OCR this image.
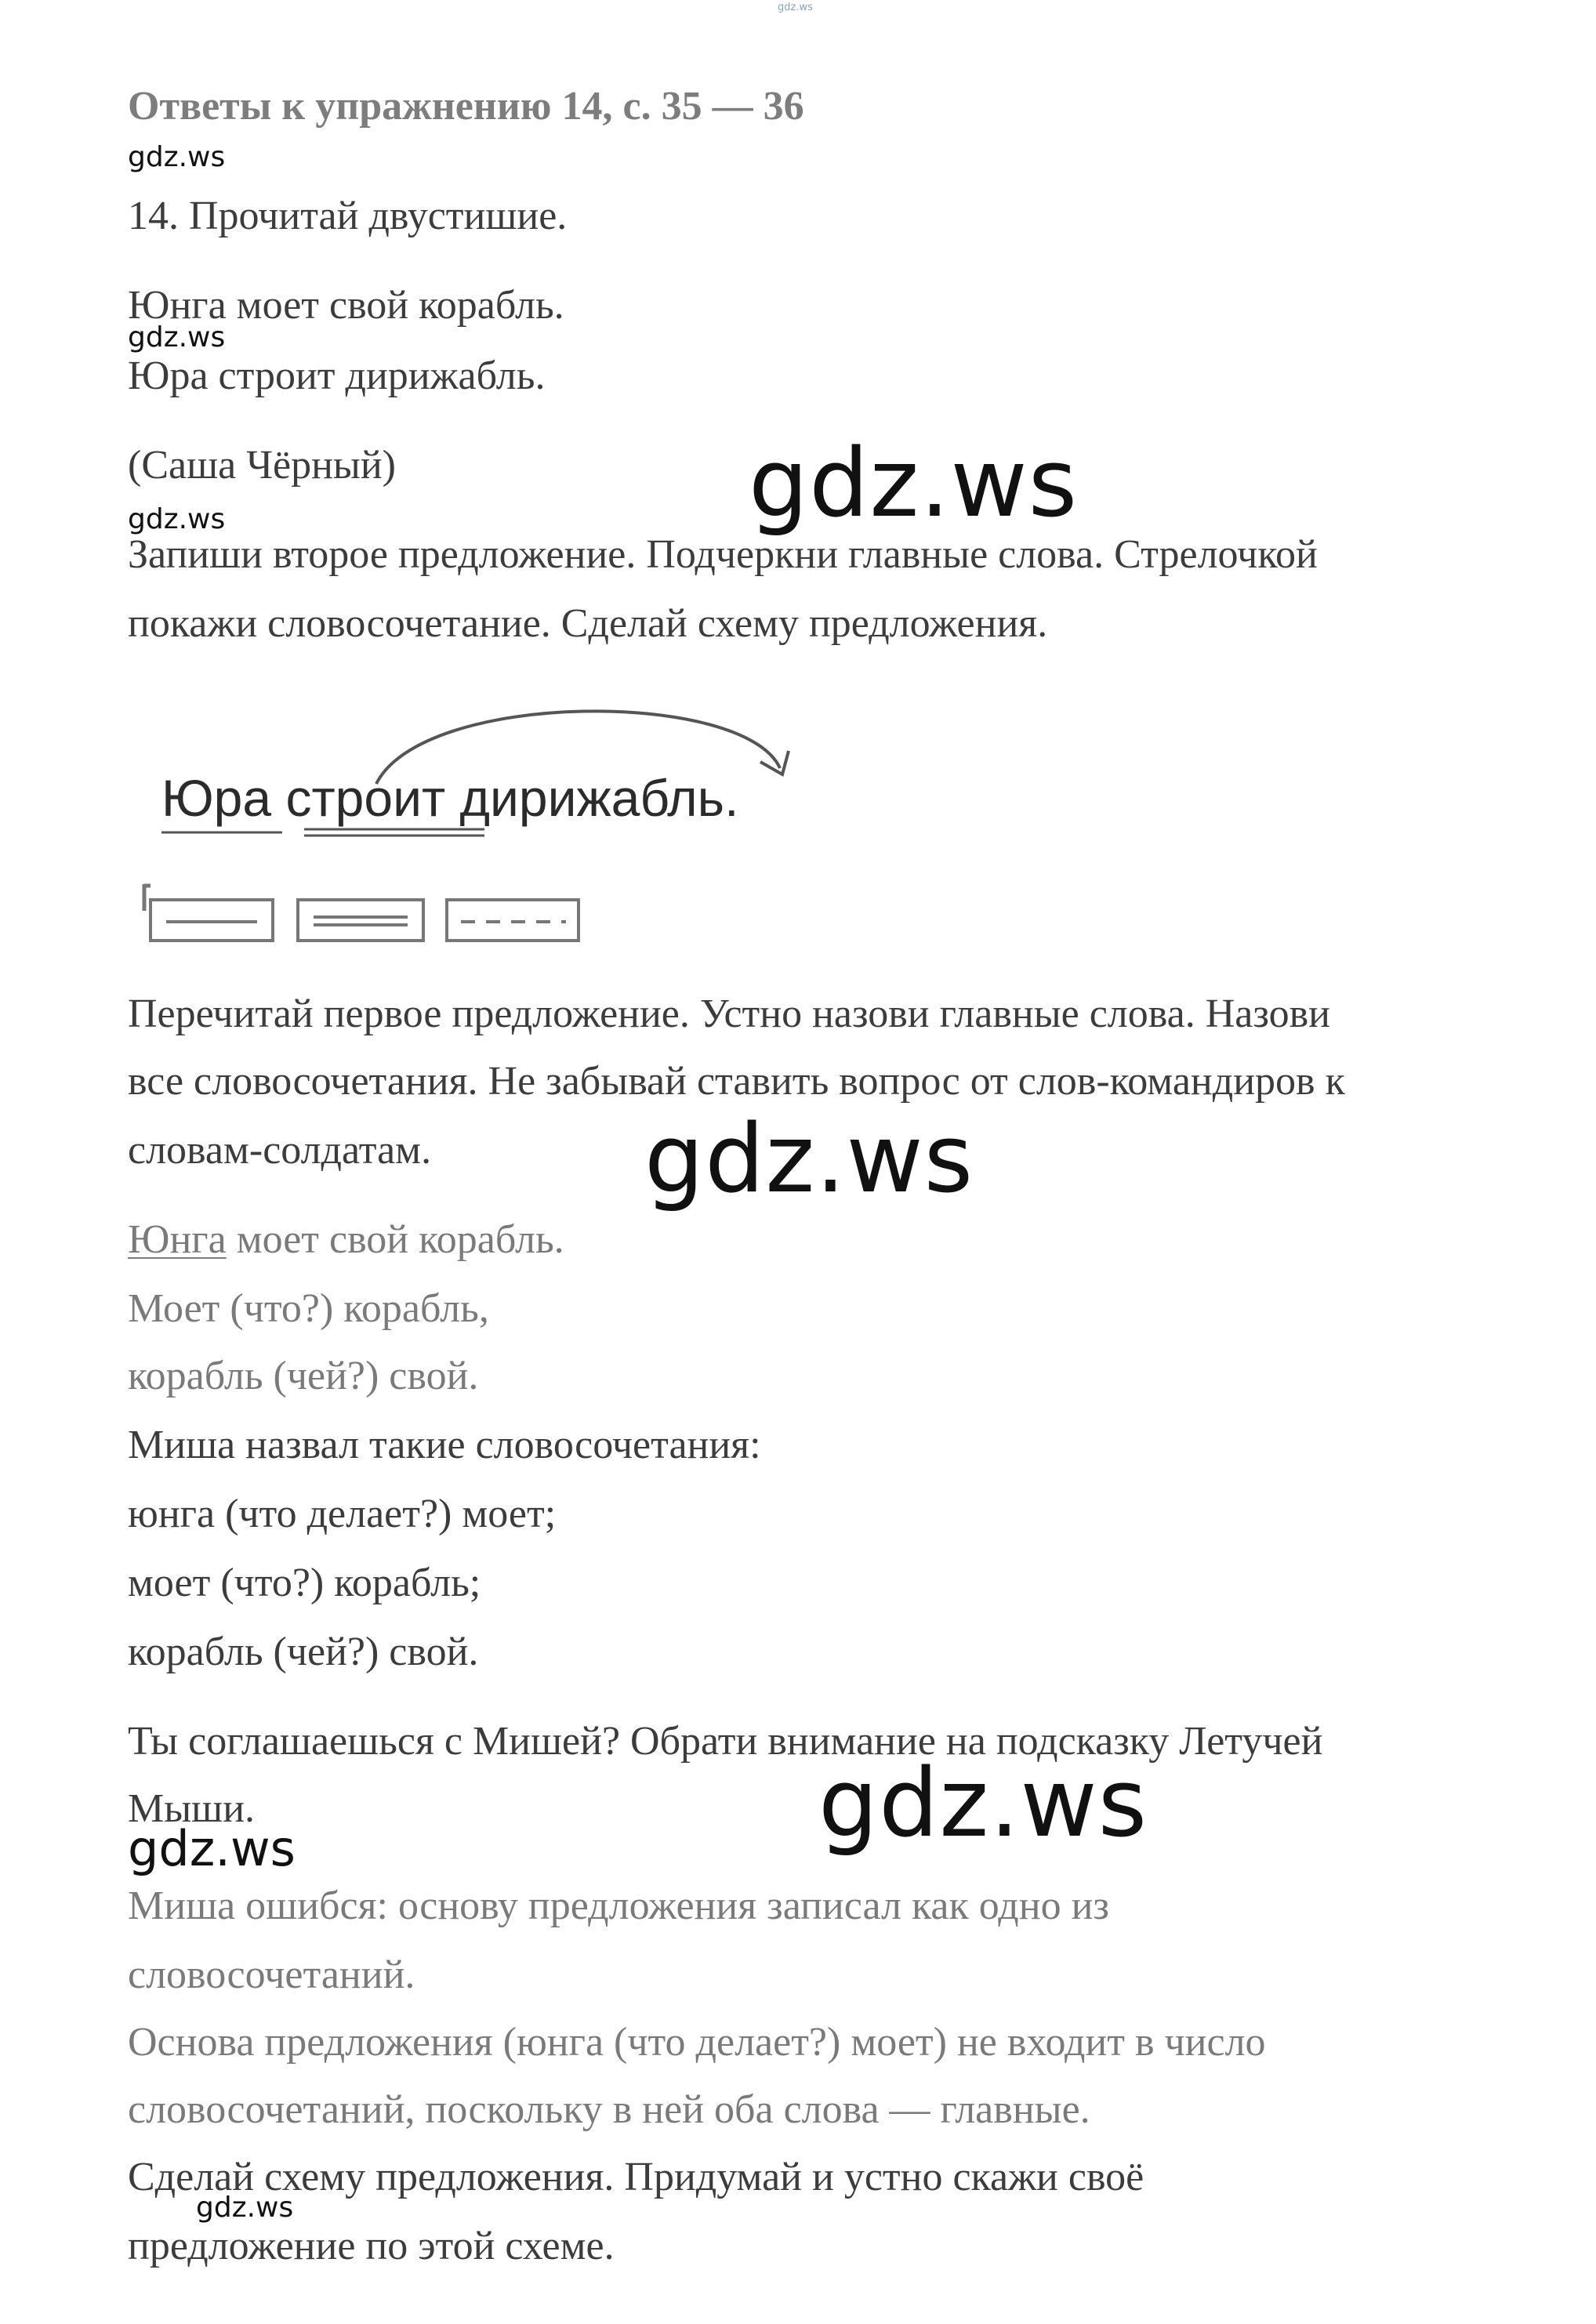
gdz.ws
Ответы к упражнению 14, с. 35 — 36
gdz.ws
14. Прочитай двустишие.
Юнга моет свой корабль.
gdz.ws
Юра строит дирижабль.
(Саша Чёрный)	gdz.ws
gdz.ws
Запиши второе предложение. Подчеркни главные слова. Стрелочкой
покажи словосочетание. Сделай схему предложения.
Юра строит дирижабль.
Перечитай первое предложение. Устно назови главные слова. Назови
все словосочетания. Не забывай ставить вопрос от слов-командиров к
словам-солдатам. gdz.ws
Юнга моет свой корабль.
Моет (что?) корабль,
корабль (чей?) свой.
Миша назвал такие словосочетания:
юнга (что делает?) моет;
моет (что?) корабль;
корабль (чей?) свой.
Ты соглашаешься с Мишей? Обрати внимание на подсказку Летучей
Мыши.	gdz.ws
gdz.ws
Миша ошибся: основу предложения записал как одно из
словосочетаний.
Основа предложения (юнга (что делает?) моет) не входит в число
словосочетаний, поскольку в ней оба слова — главные.
Сделай схему предложения. Придумай и устно скажи своё
gdz.ws
предложение по этой схеме.
